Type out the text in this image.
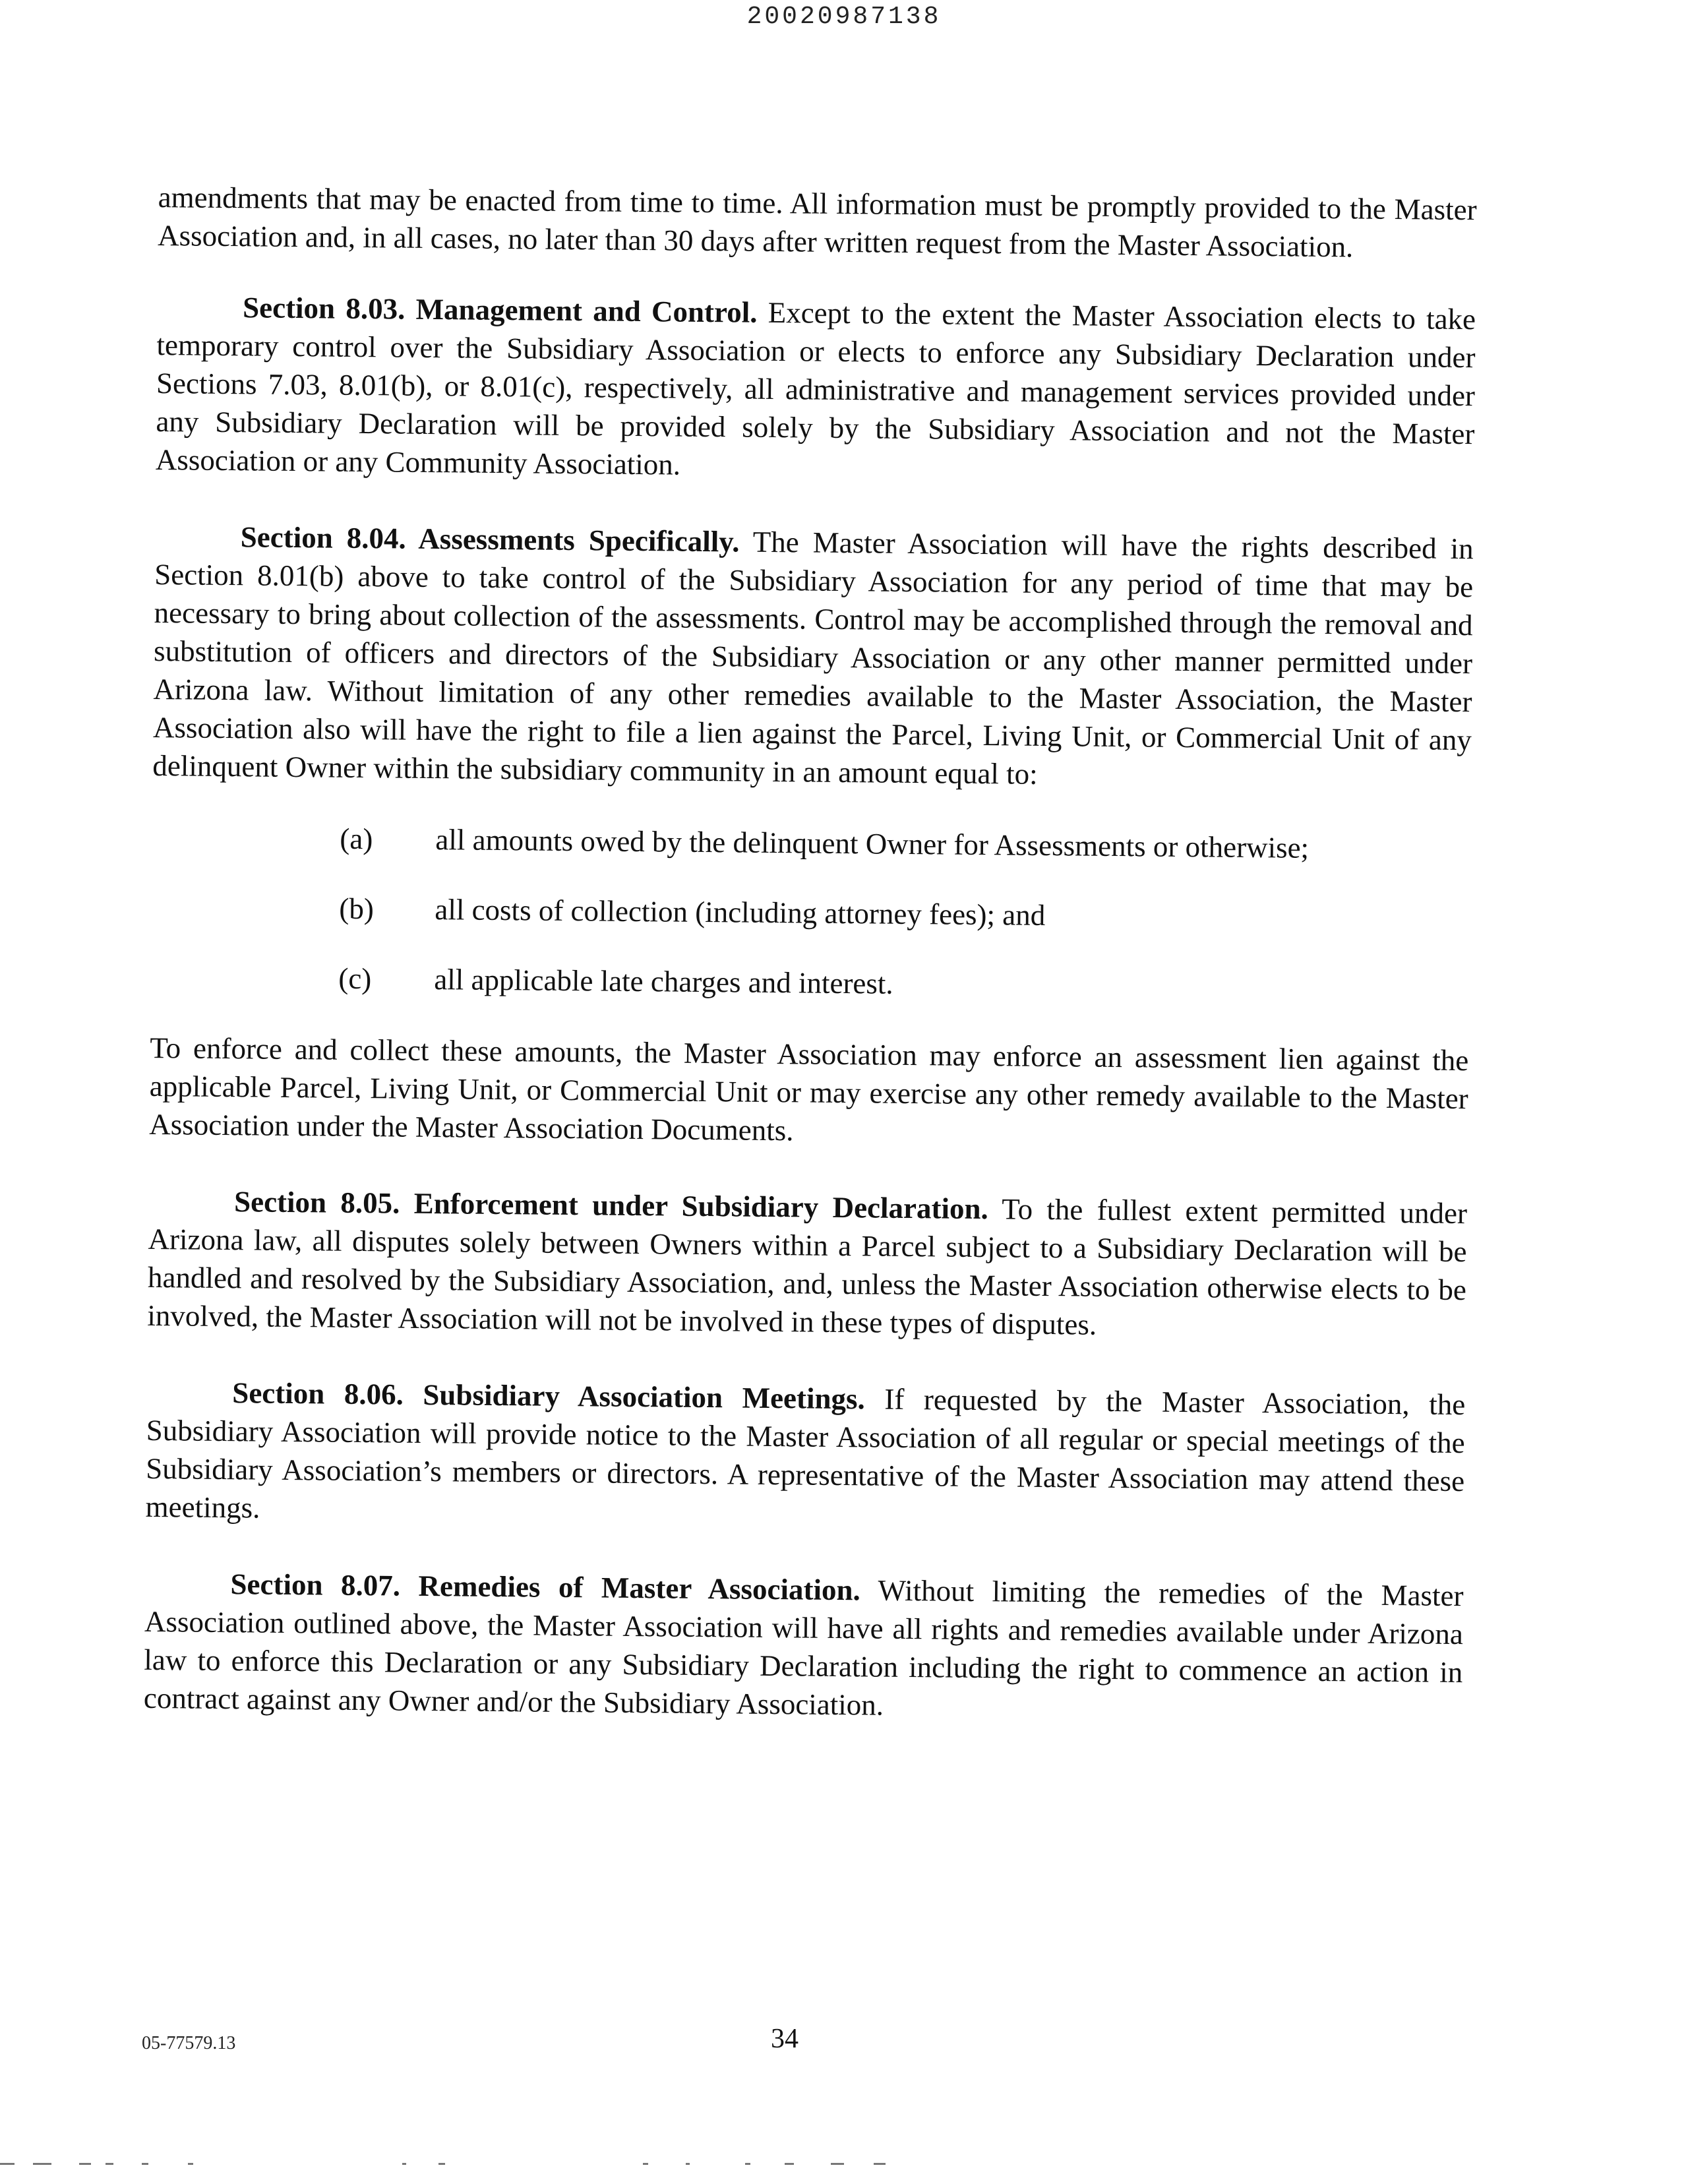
20020987138

amendments that may be enacted from time to time. All information must be promptly provided to the Master Association and, in all cases, no later than 30 days after written request from the Master Association.

Section 8.03. Management and Control. Except to the extent the Master Association elects to take temporary control over the Subsidiary Association or elects to enforce any Subsidiary Declaration under Sections 7.03, 8.01(b), or 8.01(c), respectively, all administrative and management services provided under any Subsidiary Declaration will be provided solely by the Subsidiary Association and not the Master Association or any Community Association.

Section 8.04. Assessments Specifically. The Master Association will have the rights described in Section 8.01(b) above to take control of the Subsidiary Association for any period of time that may be necessary to bring about collection of the assessments. Control may be accomplished through the removal and substitution of officers and directors of the Subsidiary Association or any other manner permitted under Arizona law. Without limitation of any other remedies available to the Master Association, the Master Association also will have the right to file a lien against the Parcel, Living Unit, or Commercial Unit of any delinquent Owner within the subsidiary community in an amount equal to:

(a)	all amounts owed by the delinquent Owner for Assessments or otherwise;
(b)	all costs of collection (including attorney fees); and
(c)	all applicable late charges and interest.

To enforce and collect these amounts, the Master Association may enforce an assessment lien against the applicable Parcel, Living Unit, or Commercial Unit or may exercise any other remedy available to the Master Association under the Master Association Documents.

Section 8.05. Enforcement under Subsidiary Declaration. To the fullest extent permitted under Arizona law, all disputes solely between Owners within a Parcel subject to a Subsidiary Declaration will be handled and resolved by the Subsidiary Association, and, unless the Master Association otherwise elects to be involved, the Master Association will not be involved in these types of disputes.

Section 8.06. Subsidiary Association Meetings. If requested by the Master Association, the Subsidiary Association will provide notice to the Master Association of all regular or special meetings of the Subsidiary Association’s members or directors. A representative of the Master Association may attend these meetings.

Section 8.07. Remedies of Master Association. Without limiting the remedies of the Master Association outlined above, the Master Association will have all rights and remedies available under Arizona law to enforce this Declaration or any Subsidiary Declaration including the right to commence an action in contract against any Owner and/or the Subsidiary Association.

05-77579.13	34
